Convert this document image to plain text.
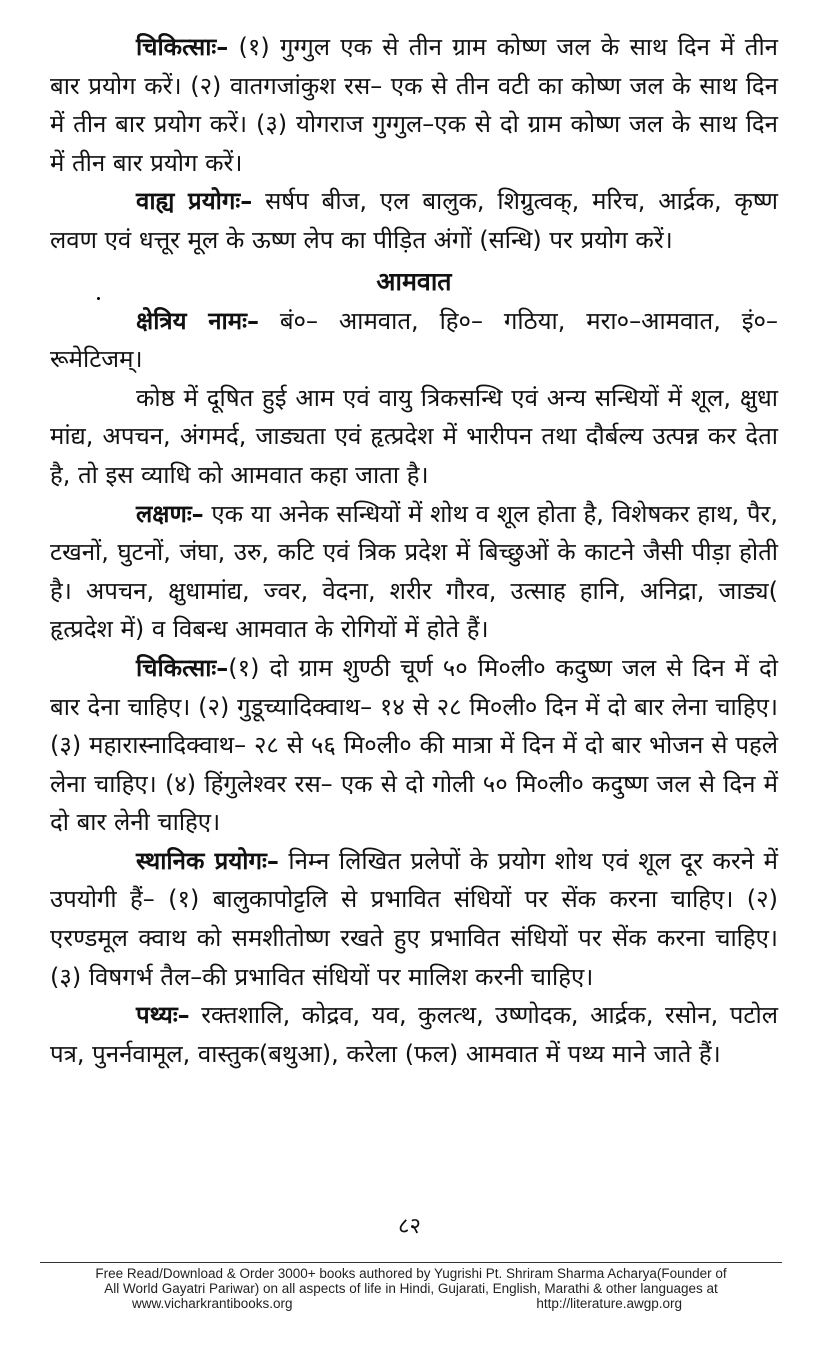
चिकित्साः– (१) गुग्गुल एक से तीन ग्राम कोष्ण जल के साथ दिन में तीन बार प्रयोग करें। (२) वातगजांकुश रस– एक से तीन वटी का कोष्ण जल के साथ दिन में तीन बार प्रयोग करें। (३) योगराज गुग्गुल–एक से दो ग्राम कोष्ण जल के साथ दिन में तीन बार प्रयोग करें।

वाह्य प्रयोगः– सर्षप बीज, एल बालुक, शिग्रुत्वक्, मरिच, आर्द्रक, कृष्ण लवण एवं धत्तूर मूल के ऊष्ण लेप का पीड़ित अंगों (सन्धि) पर प्रयोग करें।

आमवात

क्षेत्रिय नामः– बं०– आमवात, हि०– गठिया, मरा०–आमवात, इं०– रूमेटिजम्।

कोष्ठ में दूषित हुई आम एवं वायु त्रिकसन्धि एवं अन्य सन्धियों में शूल, क्षुधा मांद्य, अपचन, अंगमर्द, जाड्यता एवं हृत्प्रदेश में भारीपन तथा दौर्बल्य उत्पन्न कर देता है, तो इस व्याधि को आमवात कहा जाता है।

लक्षणः– एक या अनेक सन्धियों में शोथ व शूल होता है, विशेषकर हाथ, पैर, टखनों, घुटनों, जंघा, उरु, कटि एवं त्रिक प्रदेश में बिच्छुओं के काटने जैसी पीड़ा होती है। अपचन, क्षुधामांद्य, ज्वर, वेदना, शरीर गौरव, उत्साह हानि, अनिद्रा, जाड्य( हृत्प्रदेश में) व विबन्ध आमवात के रोगियों में होते हैं।

चिकित्साः–(१) दो ग्राम शुण्ठी चूर्ण ५० मि०ली० कदुष्ण जल से दिन में दो बार देना चाहिए। (२) गुडूच्यादिक्वाथ– १४ से २८ मि०ली० दिन में दो बार लेना चाहिए। (३) महारास्नादिक्वाथ– २८ से ५६ मि०ली० की मात्रा में दिन में दो बार भोजन से पहले लेना चाहिए। (४) हिंगुलेश्वर रस– एक से दो गोली ५० मि०ली० कदुष्ण जल से दिन में दो बार लेनी चाहिए।

स्थानिक प्रयोगः– निम्न लिखित प्रलेपों के प्रयोग शोथ एवं शूल दूर करने में उपयोगी हैं– (१) बालुकापोट्टलि से प्रभावित संधियों पर सेंक करना चाहिए। (२) एरण्डमूल क्वाथ को समशीतोष्ण रखते हुए प्रभावित संधियों पर सेंक करना चाहिए। (३) विषगर्भ तैल–की प्रभावित संधियों पर मालिश करनी चाहिए।

पथ्यः– रक्तशालि, कोद्रव, यव, कुलत्थ, उष्णोदक, आर्द्रक, रसोन, पटोल पत्र, पुनर्नवामूल, वास्तुक(बथुआ), करेला (फल) आमवात में पथ्य माने जाते हैं।

८२
Free Read/Download & Order 3000+ books authored by Yugrishi Pt. Shriram Sharma Acharya(Founder of
All World Gayatri Pariwar) on all aspects of life in Hindi, Gujarati, English, Marathi & other languages at
www.vicharkrantibooks.org	http://literature.awgp.org
